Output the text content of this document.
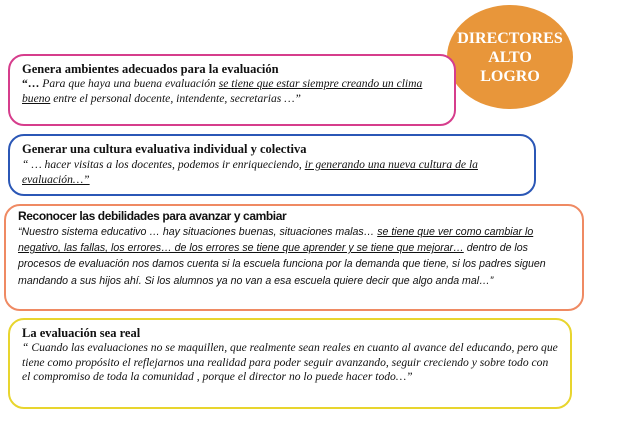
DIRECTORES
ALTO
LOGRO

Genera ambientes adecuados para la evaluación

“… Para que haya una buena evaluación se tiene que estar siempre creando un clima bueno entre el personal docente, intendente, secretarias …”

Generar una cultura evaluativa individual y colectiva

“ … hacer visitas a los docentes, podemos ir enriqueciendo, ir generando una nueva cultura de la evaluación…”

Reconocer las debilidades para avanzar y cambiar

“Nuestro sistema educativo … hay situaciones buenas, situaciones malas… se tiene que ver como cambiar lo negativo, las fallas, los errores… de los errores se tiene que aprender y se tiene que mejorar… dentro de los procesos de evaluación nos damos cuenta si la escuela funciona por la demanda que tiene, si los padres siguen mandando a sus hijos ahí. Si los alumnos ya no van a esa escuela quiere decir que algo anda mal…”

La evaluación sea real

“ Cuando las evaluaciones no se maquillen, que realmente sean reales en cuanto al avance del educando, pero que tiene como propósito el reflejarnos una realidad para poder seguir avanzando, seguir creciendo y sobre todo con el compromiso de toda la comunidad , porque el director no lo puede hacer todo…”
